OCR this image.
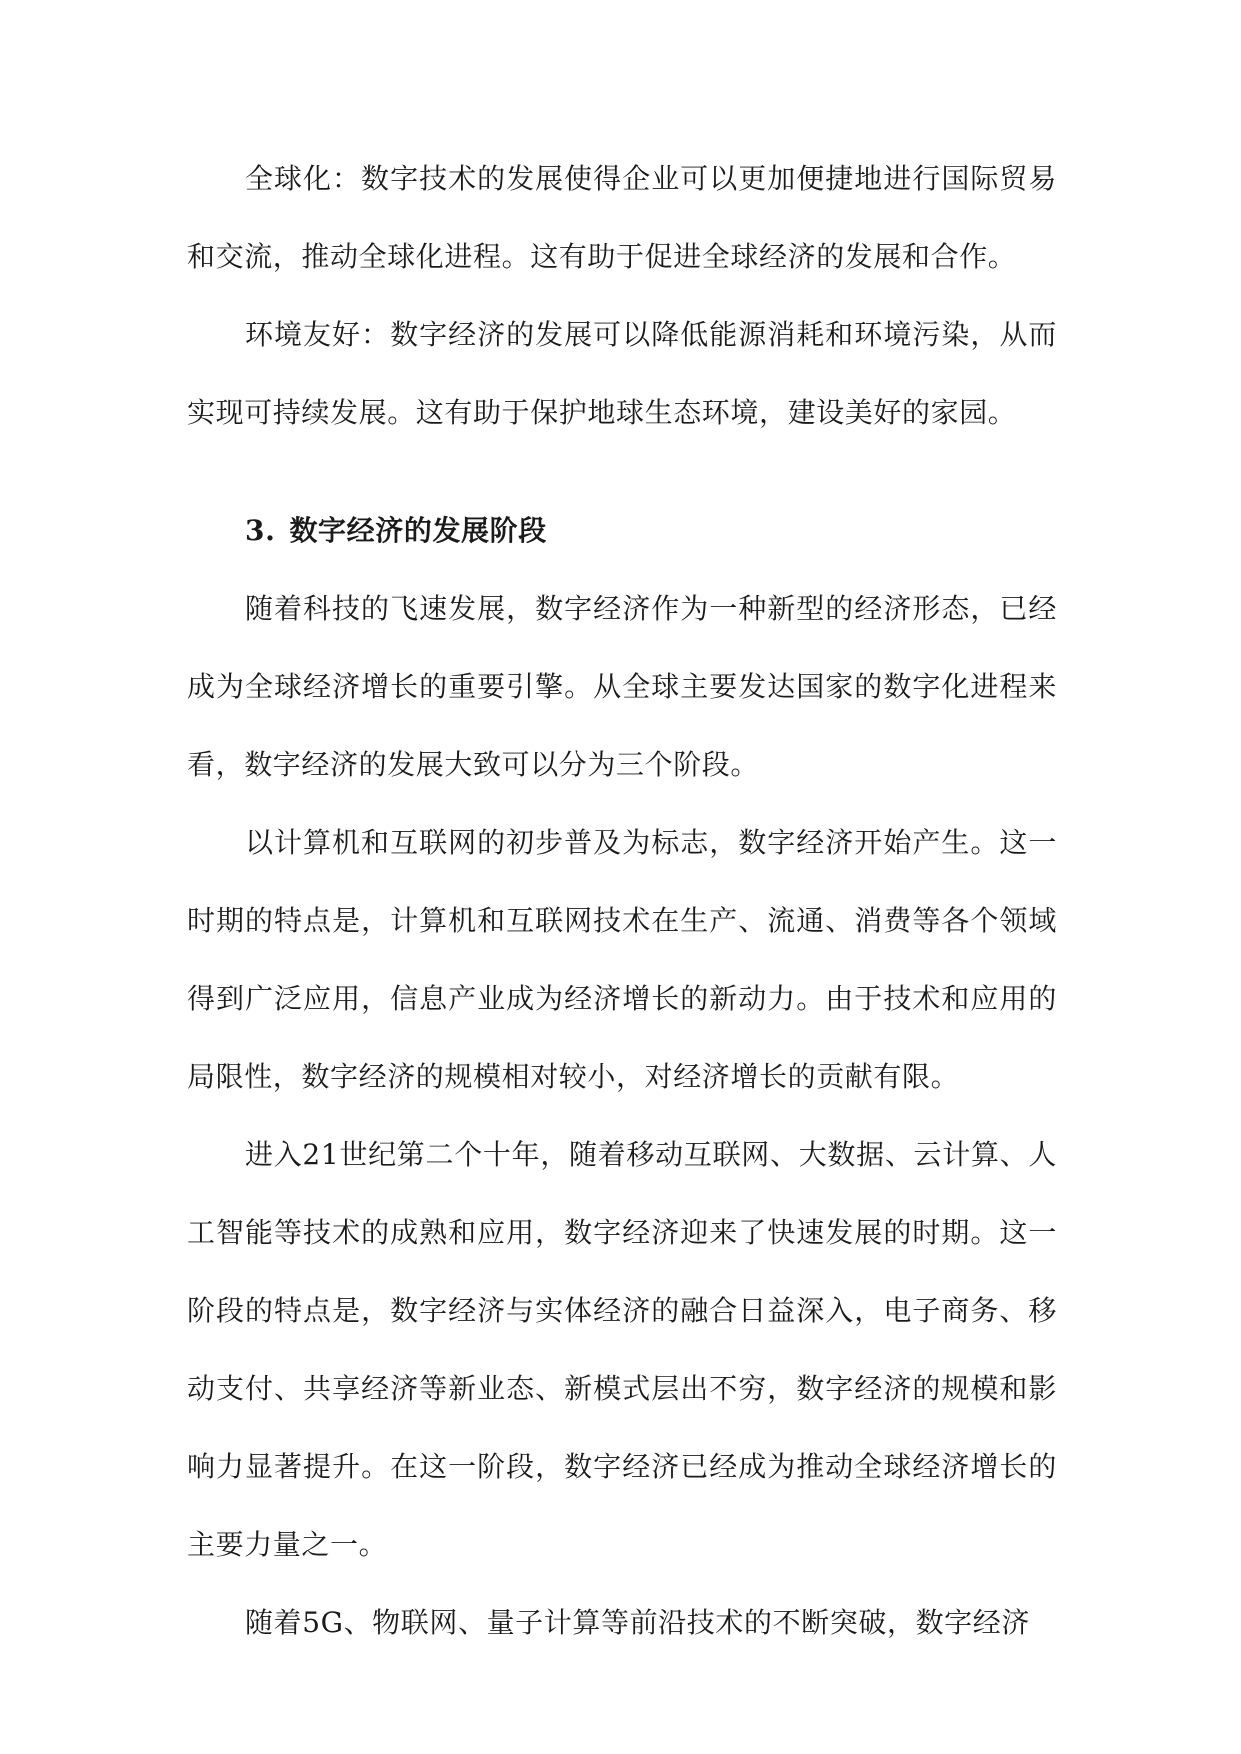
全球化：数字技术的发展使得企业可以更加便捷地进行国际贸易和交流，推动全球化进程。这有助于促进全球经济的发展和合作。

环境友好：数字经济的发展可以降低能源消耗和环境污染，从而实现可持续发展。这有助于保护地球生态环境，建设美好的家园。

3. 数字经济的发展阶段

随着科技的飞速发展，数字经济作为一种新型的经济形态，已经成为全球经济增长的重要引擎。从全球主要发达国家的数字化进程来看，数字经济的发展大致可以分为三个阶段。

以计算机和互联网的初步普及为标志，数字经济开始产生。这一时期的特点是，计算机和互联网技术在生产、流通、消费等各个领域得到广泛应用，信息产业成为经济增长的新动力。由于技术和应用的局限性，数字经济的规模相对较小，对经济增长的贡献有限。

进入21世纪第二个十年，随着移动互联网、大数据、云计算、人工智能等技术的成熟和应用，数字经济迎来了快速发展的时期。这一阶段的特点是，数字经济与实体经济的融合日益深入，电子商务、移动支付、共享经济等新业态、新模式层出不穷，数字经济的规模和影响力显著提升。在这一阶段，数字经济已经成为推动全球经济增长的主要力量之一。

随着5G、物联网、量子计算等前沿技术的不断突破，数字经济
